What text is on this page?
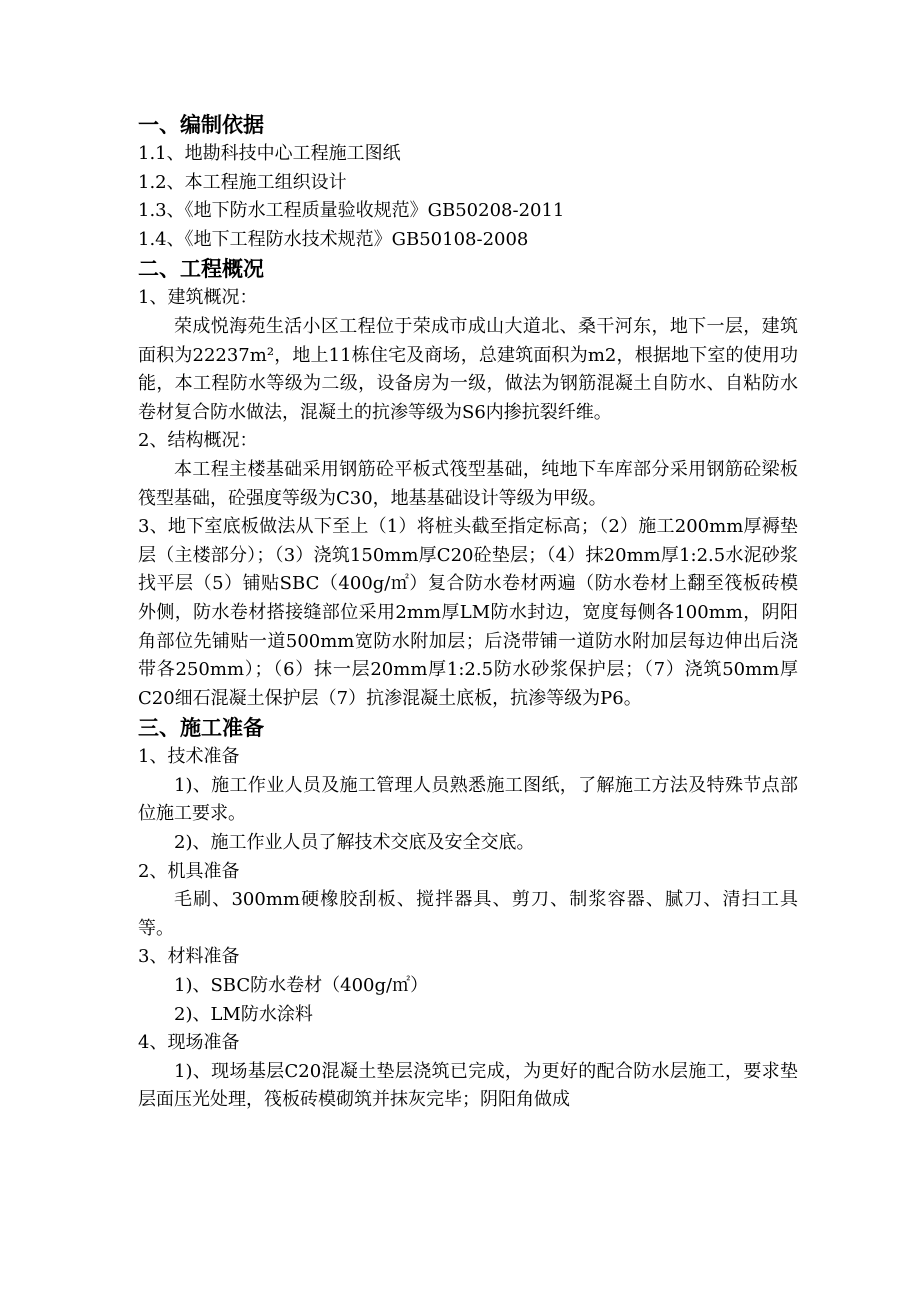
一、编制依据

1.1、地勘科技中心工程施工图纸

1.2、本工程施工组织设计

1.3、《地下防水工程质量验收规范》GB50208-2011

1.4、《地下工程防水技术规范》GB50108-2008

二、工程概况

1、建筑概况：

荣成悦海苑生活小区工程位于荣成市成山大道北、桑干河东，地下一层，建筑面积为22237m²，地上11栋住宅及商场，总建筑面积为m2，根据地下室的使用功能，本工程防水等级为二级，设备房为一级，做法为钢筋混凝土自防水、自粘防水卷材复合防水做法，混凝土的抗渗等级为S6内掺抗裂纤维。

2、结构概况：

本工程主楼基础采用钢筋砼平板式筏型基础，纯地下车库部分采用钢筋砼梁板筏型基础，砼强度等级为C30，地基基础设计等级为甲级。

3、地下室底板做法从下至上（1）将桩头截至指定标高；（2）施工200mm厚褥垫层（主楼部分）；（3）浇筑150mm厚C20砼垫层；（4）抹20mm厚1:2.5水泥砂浆找平层（5）铺贴SBC（400g/㎡）复合防水卷材两遍（防水卷材上翻至筏板砖模外侧，防水卷材搭接缝部位采用2mm厚LM防水封边，宽度每侧各100mm，阴阳角部位先铺贴一道500mm宽防水附加层；后浇带铺一道防水附加层每边伸出后浇带各250mm）；（6）抹一层20mm厚1:2.5防水砂浆保护层；（7）浇筑50mm厚C20细石混凝土保护层（7）抗渗混凝土底板，抗渗等级为P6。

三、施工准备

1、技术准备

1)、施工作业人员及施工管理人员熟悉施工图纸，了解施工方法及特殊节点部位施工要求。

2)、施工作业人员了解技术交底及安全交底。

2、机具准备

毛刷、300mm硬橡胶刮板、搅拌器具、剪刀、制浆容器、腻刀、清扫工具等。

3、材料准备

1)、SBC防水卷材（400g/㎡）

2)、LM防水涂料

4、现场准备

1)、现场基层C20混凝土垫层浇筑已完成，为更好的配合防水层施工，要求垫层面压光处理，筏板砖模砌筑并抹灰完毕；阴阳角做成
